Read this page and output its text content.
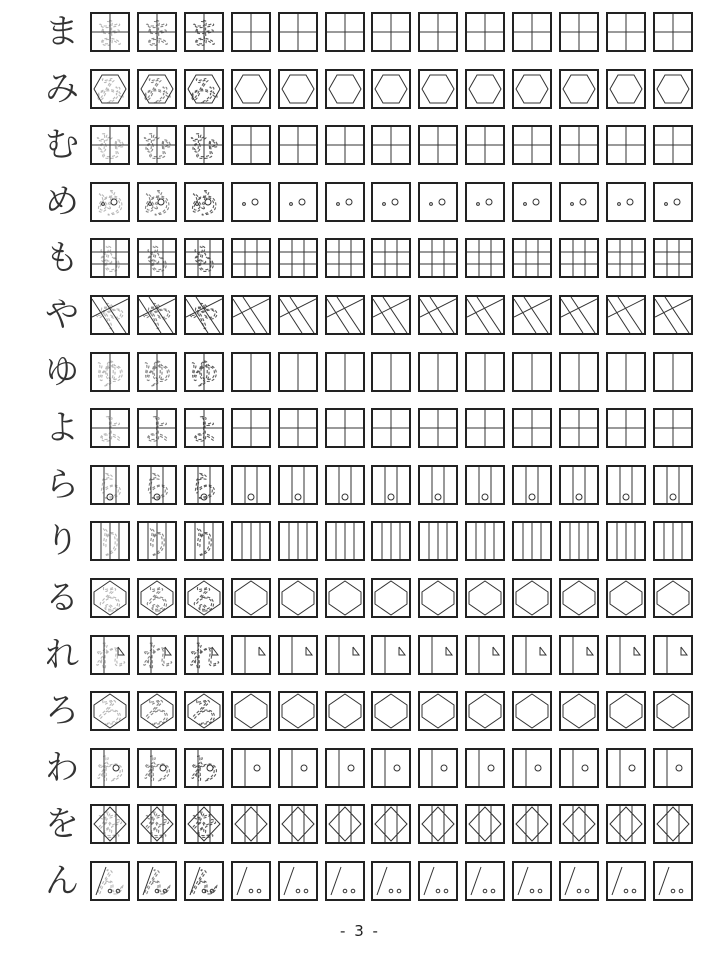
ま ま ま ま
み み み み
む む む む
め め め め
も も も も
や や や や
ゆ ゆ ゆ ゆ
よ よ よ よ
ら ら ら ら
り り り り
る る る る
れ れ れ れ
ろ ろ ろ ろ
わ わ わ わ
を を を を
ん ん ん ん
- 3 -
